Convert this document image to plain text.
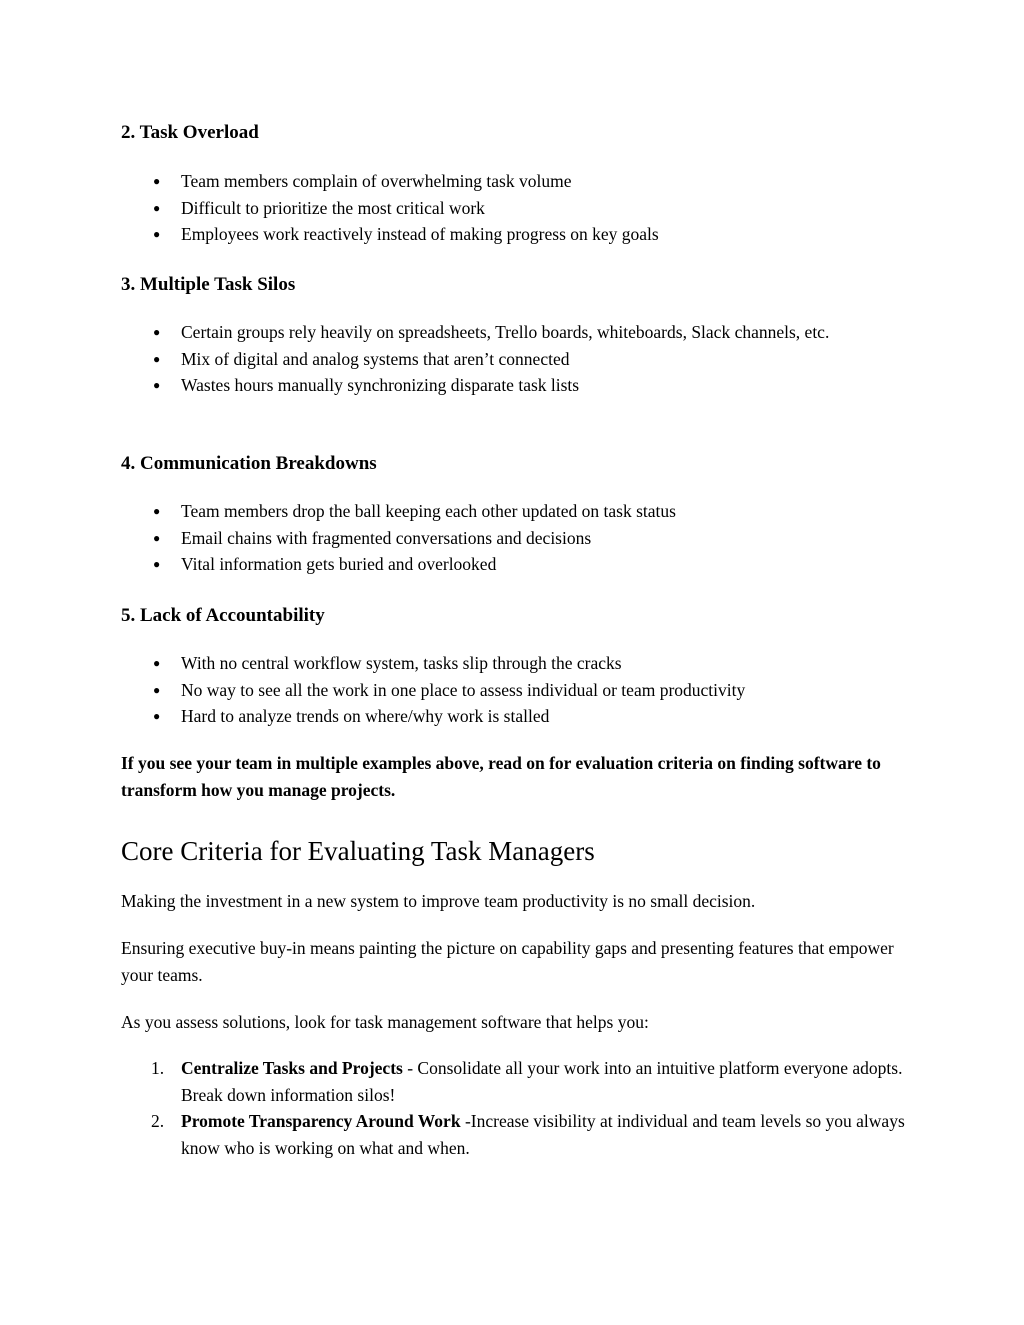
2. Task Overload
● Team members complain of overwhelming task volume
● Difficult to prioritize the most critical work
● Employees work reactively instead of making progress on key goals
3. Multiple Task Silos
● Certain groups rely heavily on spreadsheets, Trello boards, whiteboards, Slack channels, etc.
● Mix of digital and analog systems that aren’t connected
● Wastes hours manually synchronizing disparate task lists
4. Communication Breakdowns
● Team members drop the ball keeping each other updated on task status
● Email chains with fragmented conversations and decisions
● Vital information gets buried and overlooked
5. Lack of Accountability
● With no central workflow system, tasks slip through the cracks
● No way to see all the work in one place to assess individual or team productivity
● Hard to analyze trends on where/why work is stalled

If you see your team in multiple examples above, read on for evaluation criteria on finding software to transform how you manage projects.

Core Criteria for Evaluating Task Managers

Making the investment in a new system to improve team productivity is no small decision.

Ensuring executive buy-in means painting the picture on capability gaps and presenting features that empower your teams.

As you assess solutions, look for task management software that helps you:

1. Centralize Tasks and Projects - Consolidate all your work into an intuitive platform everyone adopts. Break down information silos!
2. Promote Transparency Around Work -Increase visibility at individual and team levels so you always know who is working on what and when.
